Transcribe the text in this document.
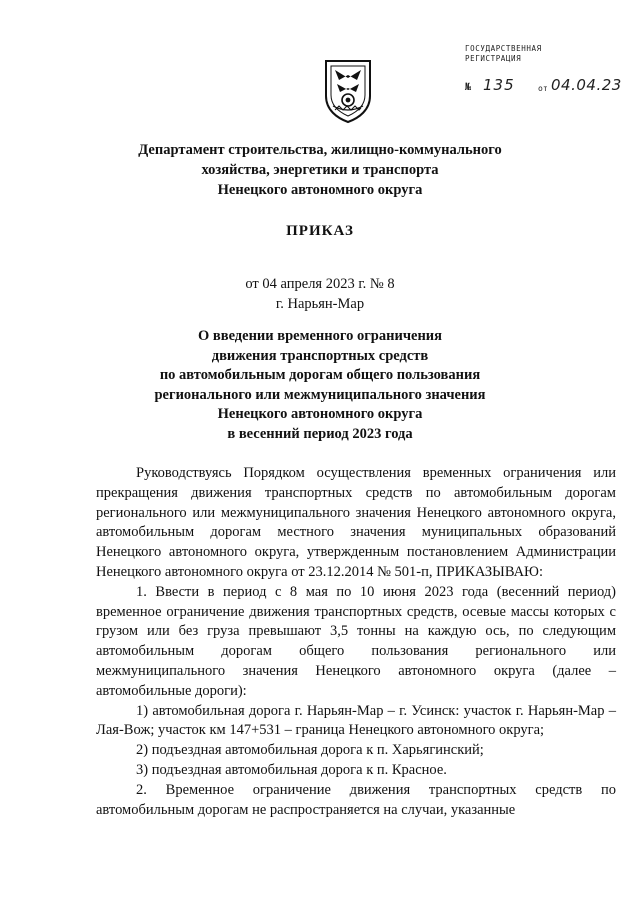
ГОСУДАРСТВЕННАЯ
РЕГИСТРАЦИЯ
№ 135	от 04.04.23
Департамент строительства, жилищно-коммунального
хозяйства, энергетики и транспорта
Ненецкого автономного округа
ПРИКАЗ
от 04 апреля 2023 г. № 8
г. Нарьян-Мар
О введении временного ограничения
движения транспортных средств
по автомобильным дорогам общего пользования
регионального или межмуниципального значения
Ненецкого автономного округа
в весенний период 2023 года

Руководствуясь Порядком осуществления временных ограничения или прекращения движения транспортных средств по автомобильным дорогам регионального или межмуниципального значения Ненецкого автономного округа, автомобильным дорогам местного значения муниципальных образований Ненецкого автономного округа, утвержденным постановлением Администрации Ненецкого автономного округа от 23.12.2014 № 501-п, ПРИКАЗЫВАЮ:

1. Ввести в период с 8 мая по 10 июня 2023 года (весенний период) временное ограничение движения транспортных средств, осевые массы которых с грузом или без груза превышают 3,5 тонны на каждую ось, по следующим автомобильным дорогам общего пользования регионального или межмуниципального значения Ненецкого автономного округа (далее – автомобильные дороги):

1) автомобильная дорога г. Нарьян-Мар – г. Усинск: участок г. Нарьян-Мар – Лая-Вож; участок км 147+531 – граница Ненецкого автономного округа;

2) подъездная автомобильная дорога к п. Харьягинский;

3) подъездная автомобильная дорога к п. Красное.

2. Временное ограничение движения транспортных средств по автомобильным дорогам не распространяется на случаи, указанные
